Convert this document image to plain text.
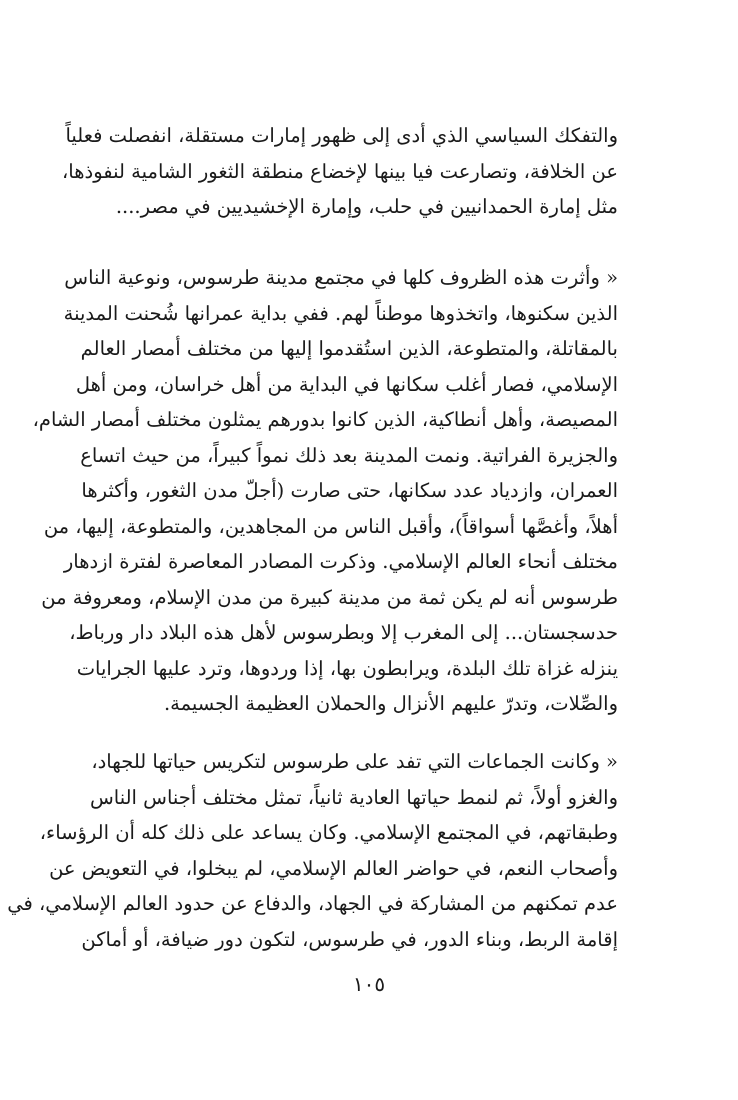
والتفكك السياسي الذي أدى إلى ظهور إمارات مستقلة، انفصلت فعلياً
عن الخلافة، وتصارعت فيا بينها لإخضاع منطقة الثغور الشامية لنفوذها،
مثل إمارة الحمدانيين في حلب، وإمارة الإخشيديين في مصر....
« وأثرت هذه الظروف كلها في مجتمع مدينة طرسوس، ونوعية الناس
الذين سكنوها، واتخذوها موطناً لهم. ففي بداية عمرانها شُحنت المدينة
بالمقاتلة، والمتطوعة، الذين استُقدموا إليها من مختلف أمصار العالم
الإسلامي، فصار أغلب سكانها في البداية من أهل خراسان، ومن أهل
المصيصة، وأهل أنطاكية، الذين كانوا بدورهم يمثلون مختلف أمصار الشام،
والجزيرة الفراتية. ونمت المدينة بعد ذلك نمواً كبيراً، من حيث اتساع
العمران، وازدياد عدد سكانها، حتى صارت (أجلّ مدن الثغور، وأكثرها
أهلاً، وأغصَّها أسواقاً)، وأقبل الناس من المجاهدين، والمتطوعة، إليها، من
مختلف أنحاء العالم الإسلامي. وذكرت المصادر المعاصرة لفترة ازدهار
طرسوس أنه لم يكن ثمة من مدينة كبيرة من مدن الإسلام، ومعروفة من
حدسجستان... إلى المغرب إلا وبطرسوس لأهل هذه البلاد دار ورباط،
ينزله غزاة تلك البلدة، ويرابطون بها، إذا وردوها، وترد عليها الجرايات
والصِّلات، وتدرّ عليهم الأنزال والحملان العظيمة الجسيمة.
« وكانت الجماعات التي تفد على طرسوس لتكريس حياتها للجهاد،
والغزو أولاً، ثم لنمط حياتها العادية ثانياً، تمثل مختلف أجناس الناس
وطبقاتهم، في المجتمع الإسلامي. وكان يساعد على ذلك كله أن الرؤساء،
وأصحاب النعم، في حواضر العالم الإسلامي، لم يبخلوا، في التعويض عن
عدم تمكنهم من المشاركة في الجهاد، والدفاع عن حدود العالم الإسلامي، في
إقامة الربط، وبناء الدور، في طرسوس، لتكون دور ضيافة، أو أماكن
١٠٥
